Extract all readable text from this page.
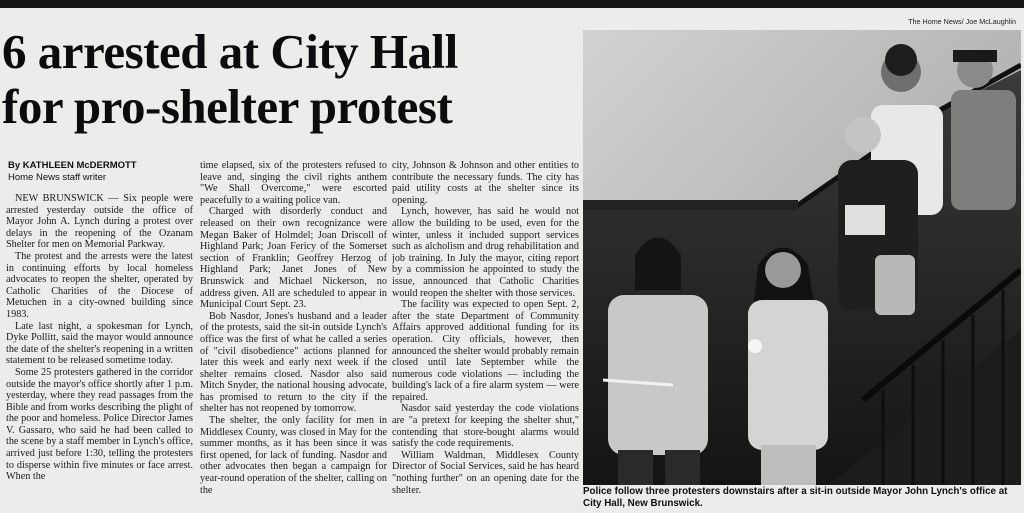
6 arrested at City Hall
for pro-shelter protest
By KATHLEEN McDERMOTT
Home News staff writer

NEW BRUNSWICK — Six people were arrested yesterday outside the office of Mayor John A. Lynch during a protest over delays in the reopening of the Ozanam Shelter for men on Memorial Parkway.

The protest and the arrests were the latest in continuing efforts by local homeless advocates to reopen the shelter, operated by Catholic Charities of the Diocese of Metuchen in a city-owned building since 1983.

Late last night, a spokesman for Lynch, Dyke Pollitt, said the mayor would announce the date of the shelter's reopening in a written statement to be released sometime today.

Some 25 protesters gathered in the corridor outside the mayor's office shortly after 1 p.m. yesterday, where they read passages from the Bible and from works describing the plight of the poor and homeless. Police Director James V. Gassaro, who said he had been called to the scene by a staff member in Lynch's office, arrived just before 1:30, telling the protesters to disperse within five minutes or face arrest. When the

time elapsed, six of the protesters refused to leave and, singing the civil rights anthem "We Shall Overcome," were escorted peacefully to a waiting police van.

Charged with disorderly conduct and released on their own recognizance were Megan Baker of Holmdel; Joan Driscoll of Highland Park; Joan Fericy of the Somerset section of Franklin; Geoffrey Herzog of Highland Park; Janet Jones of New Brunswick and Michael Nickerson, no address given. All are scheduled to appear in Municipal Court Sept. 23.

Bob Nasdor, Jones's husband and a leader of the protests, said the sit-in outside Lynch's office was the first of what he called a series of "civil disobedience" actions planned for later this week and early next week if the shelter remains closed. Nasdor also said Mitch Snyder, the national housing advocate, has promised to return to the city if the shelter has not reopened by tomorrow.

The shelter, the only facility for men in Middlesex County, was closed in May for the summer months, as it has been since it was first opened, for lack of funding. Nasdor and other advocates then began a campaign for year-round operation of the shelter, calling on the

city, Johnson & Johnson and other entities to contribute the necessary funds. The city has paid utility costs at the shelter since its opening.

Lynch, however, has said he would not allow the building to be used, even for the winter, unless it included support services such as alcholism and drug rehabilitation and job training. In July the mayor, citing report by a commission he appointed to study the issue, announced that Catholic Charities would reopen the shelter with those services.

The facility was expected to open Sept. 2, after the state Department of Community Affairs approved additional funding for its operation. City officials, however, then announced the shelter would probably remain closed until late September while the numerous code violations — including the building's lack of a fire alarm system — were repaired.

Nasdor said yesterday the code violations are "a pretext for keeping the shelter shut," contending that store-bought alarms would satisfy the code requirements.

William Waldman, Middlesex County Director of Social Services, said he has heard "nothing further" on an opening date for the shelter.

The Home News/ Joe McLaughlin
Police follow three protesters downstairs after a sit-in outside Mayor John Lynch's office at City Hall, New Brunswick.
